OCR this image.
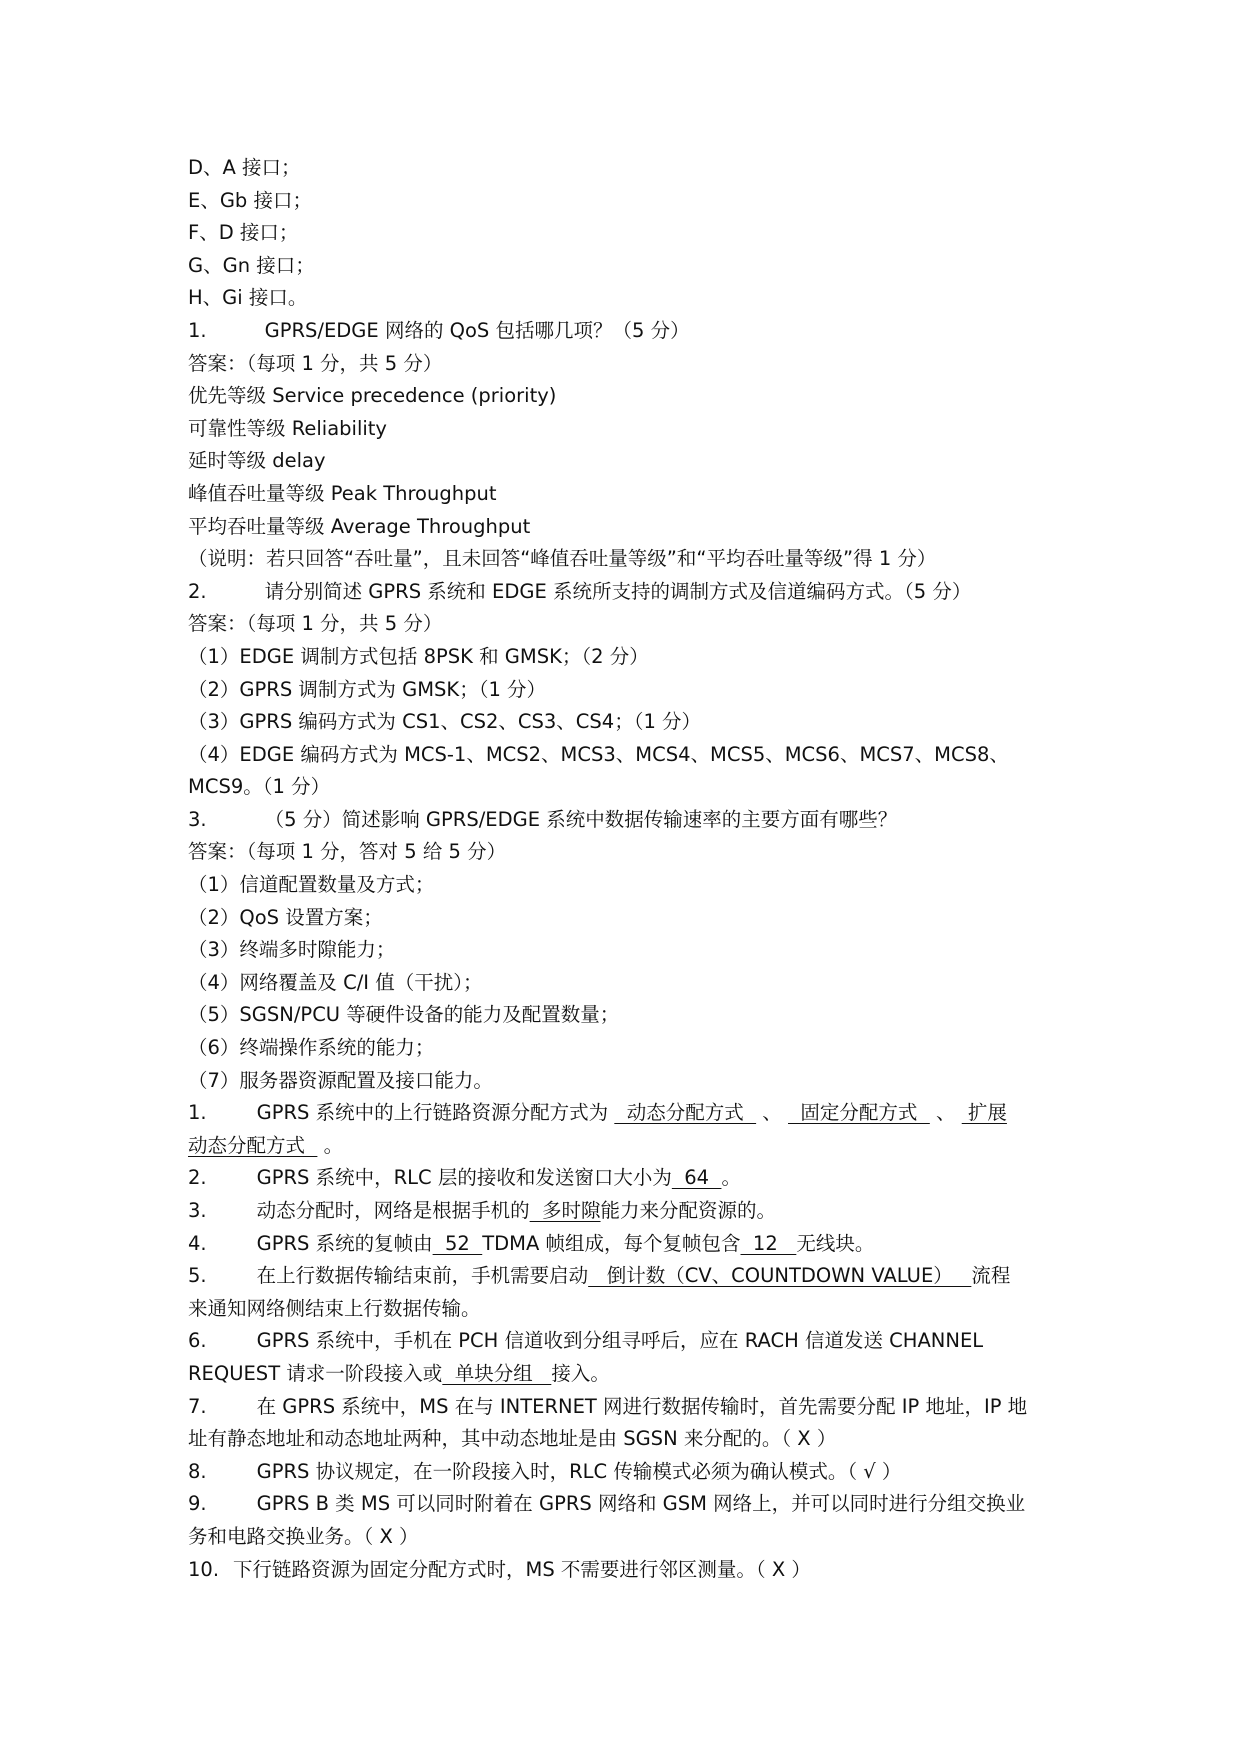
D、A 接口；
E、Gb 接口；
F、D 接口；
G、Gn 接口；
H、Gi 接口。
1.	GPRS/EDGE 网络的 QoS 包括哪几项？（5 分）
答案：（每项 1 分，共 5 分）
优先等级 Service precedence (priority)
可靠性等级 Reliability
延时等级 delay
峰值吞吐量等级 Peak Throughput
平均吞吐量等级 Average Throughput
（说明：若只回答“吞吐量”，且未回答“峰值吞吐量等级”和“平均吞吐量等级”得 1 分）
2.	请分别简述 GPRS 系统和 EDGE 系统所支持的调制方式及信道编码方式。（5 分）
答案：（每项 1 分，共 5 分）
（1）EDGE 调制方式包括 8PSK 和 GMSK；（2 分）
（2）GPRS 调制方式为 GMSK；（1 分）
（3）GPRS 编码方式为 CS1、CS2、CS3、CS4；（1 分）
（4）EDGE 编码方式为 MCS-1、MCS2、MCS3、MCS4、MCS5、MCS6、MCS7、MCS8、
MCS9。（1 分）
3.	（5 分）简述影响 GPRS/EDGE 系统中数据传输速率的主要方面有哪些？
答案：（每项 1 分，答对 5 给 5 分）
（1）信道配置数量及方式；
（2）QoS 设置方案；
（3）终端多时隙能力；
（4）网络覆盖及 C/I 值（干扰）；
（5）SGSN/PCU 等硬件设备的能力及配置数量；
（6）终端操作系统的能力；
（7）服务器资源配置及接口能力。
1.	GPRS 系统中的上行链路资源分配方式为   动态分配方式   、   固定分配方式   、  扩展
动态分配方式   。
2.	GPRS 系统中，RLC 层的接收和发送窗口大小为  64  。
3.	动态分配时，网络是根据手机的  多时隙能力来分配资源的。
4.	GPRS 系统的复帧由  52  TDMA 帧组成，每个复帧包含  12   无线块。
5.	在上行数据传输结束前，手机需要启动   倒计数（CV、COUNTDOWN VALUE）   流程
来通知网络侧结束上行数据传输。
6.	GPRS 系统中，手机在 PCH 信道收到分组寻呼后，应在 RACH 信道发送 CHANNEL
REQUEST 请求一阶段接入或  单块分组   接入。
7.	在 GPRS 系统中，MS 在与 INTERNET 网进行数据传输时，首先需要分配 IP 地址，IP 地
址有静态地址和动态地址两种，其中动态地址是由 SGSN 来分配的。（ X ）
8.	GPRS 协议规定，在一阶段接入时，RLC 传输模式必须为确认模式。（ √ ）
9.	GPRS B 类 MS 可以同时附着在 GPRS 网络和 GSM 网络上，并可以同时进行分组交换业
务和电路交换业务。（ X ）
10. 下行链路资源为固定分配方式时，MS 不需要进行邻区测量。（ X ）
